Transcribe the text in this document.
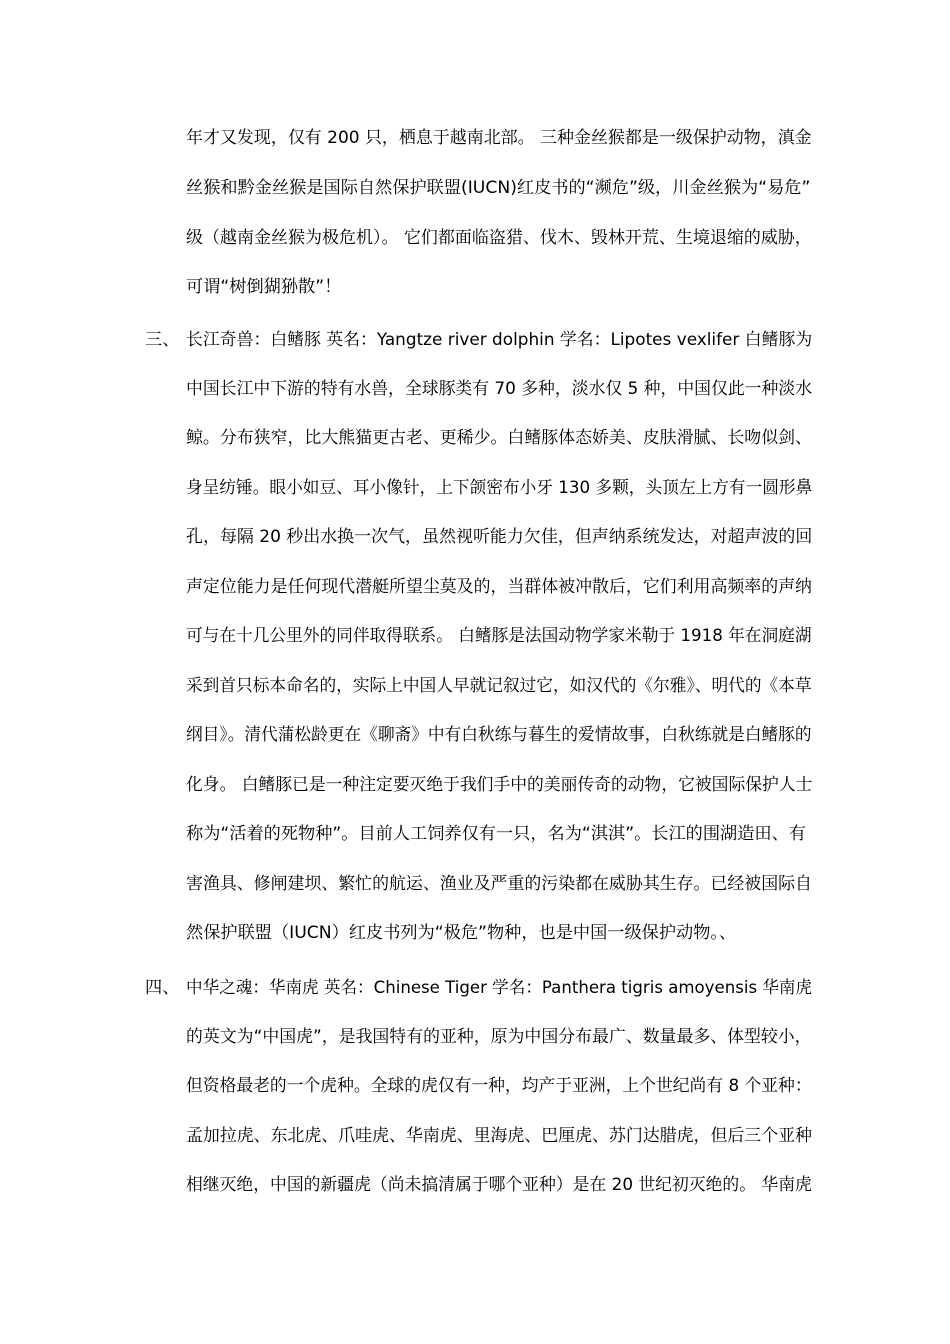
年才又发现，仅有 200 只，栖息于越南北部。 三种金丝猴都是一级保护动物，滇金
丝猴和黔金丝猴是国际自然保护联盟(IUCN)红皮书的“濒危”级，川金丝猴为“易危”
级（越南金丝猴为极危机）。 它们都面临盗猎、伐木、毁林开荒、生境退缩的威胁，
可谓“树倒猢狲散”！
三、 长江奇兽：白鳍豚 英名：Yangtze river dolphin 学名：Lipotes vexlifer 白鳍豚为
中国长江中下游的特有水兽，全球豚类有 70 多种，淡水仅 5 种，中国仅此一种淡水
鲸。分布狭窄，比大熊猫更古老、更稀少。白鳍豚体态娇美、皮肤滑腻、长吻似剑、
身呈纺锤。眼小如豆、耳小像针，上下颌密布小牙 130 多颗，头顶左上方有一圆形鼻
孔，每隔 20 秒出水换一次气，虽然视听能力欠佳，但声纳系统发达，对超声波的回
声定位能力是任何现代潜艇所望尘莫及的，当群体被冲散后，它们利用高频率的声纳
可与在十几公里外的同伴取得联系。 白鳍豚是法国动物学家米勒于 1918 年在洞庭湖
采到首只标本命名的，实际上中国人早就记叙过它，如汉代的《尔雅》、明代的《本草
纲目》。清代蒲松龄更在《聊斋》中有白秋练与暮生的爱情故事，白秋练就是白鳍豚的
化身。 白鳍豚已是一种注定要灭绝于我们手中的美丽传奇的动物，它被国际保护人士
称为“活着的死物种”。目前人工饲养仅有一只，名为“淇淇”。长江的围湖造田、有
害渔具、修闸建坝、繁忙的航运、渔业及严重的污染都在威胁其生存。已经被国际自
然保护联盟（IUCN）红皮书列为“极危”物种，也是中国一级保护动物。、
四、 中华之魂：华南虎 英名：Chinese Tiger 学名：Panthera tigris amoyensis 华南虎
的英文为“中国虎”，是我国特有的亚种，原为中国分布最广、数量最多、体型较小，
但资格最老的一个虎种。全球的虎仅有一种，均产于亚洲，上个世纪尚有 8 个亚种：
孟加拉虎、东北虎、爪哇虎、华南虎、里海虎、巴厘虎、苏门达腊虎，但后三个亚种
相继灭绝，中国的新疆虎（尚未搞清属于哪个亚种）是在 20 世纪初灭绝的。 华南虎
